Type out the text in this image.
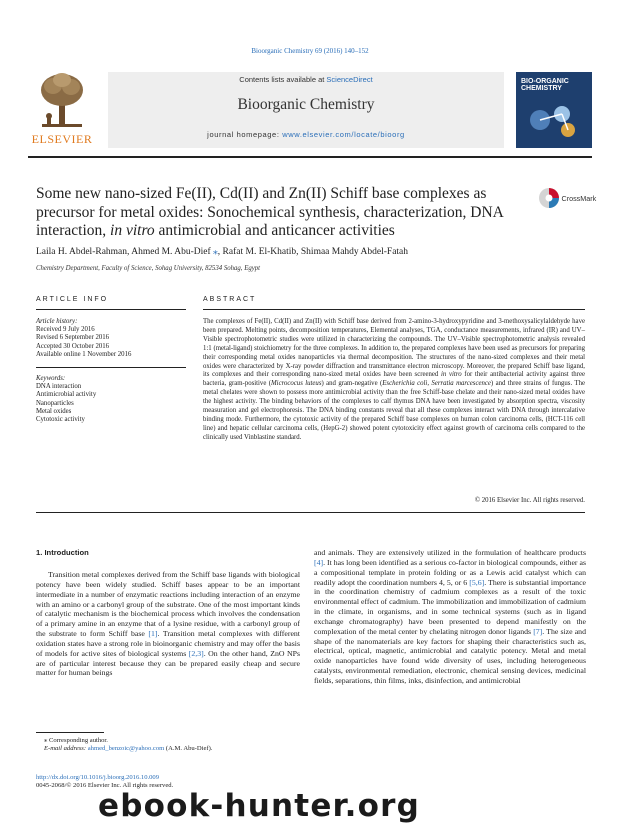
Bioorganic Chemistry 69 (2016) 140–152
ELSEVIER
Contents lists available at ScienceDirect
Bioorganic Chemistry
journal homepage: www.elsevier.com/locate/bioorg
BIO-ORGANIC CHEMISTRY
Some new nano-sized Fe(II), Cd(II) and Zn(II) Schiff base complexes as precursor for metal oxides: Sonochemical synthesis, characterization, DNA interaction, in vitro antimicrobial and anticancer activities
CrossMark
Laila H. Abdel-Rahman, Ahmed M. Abu-Dief ⁎, Rafat M. El-Khatib, Shimaa Mahdy Abdel-Fatah
Chemistry Department, Faculty of Science, Sohag University, 82534 Sohag, Egypt
ARTICLE INFO	ABSTRACT
Article history:
Received 9 July 2016
Revised 6 September 2016
Accepted 30 October 2016
Available online 1 November 2016
Keywords:
DNA interaction
Antimicrobial activity
Nanoparticles
Metal oxides
Cytotoxic activity
The complexes of Fe(II), Cd(II) and Zn(II) with Schiff base derived from 2-amino-3-hydroxypyridine and 3-methoxysalicylaldehyde have been prepared. Melting points, decomposition temperatures, Elemental analyses, TGA, conductance measurements, infrared (IR) and UV–Visible spectrophotometric studies were utilized in characterizing the compounds. The UV–Visible spectrophotometric analysis revealed 1:1 (metal-ligand) stoichiometry for the three complexes. In addition to, the prepared complexes have been used as precursors for preparing their corresponding metal oxides nanoparticles via thermal decomposition. The structures of the nano-sized complexes and their metal oxides were characterized by X-ray powder diffraction and transmittance electron microscopy. Moreover, the prepared Schiff base ligand, its complexes and their corresponding nano-sized metal oxides have been screened in vitro for their antibacterial activity against three bacteria, gram-positive (Micrococus luteus) and gram-negative (Escherichia coli, Serratia marcescence) and three strains of fungus. The metal chelates were shown to possess more antimicrobial activity than the free Schiff-base chelate and their nano-sized metal oxides have the highest activity. The binding behaviors of the complexes to calf thymus DNA have been investigated by absorption spectra, viscosity measuration and gel electrophoresis. The DNA binding constants reveal that all these complexes interact with DNA through intercalative binding mode. Furthermore, the cytotoxic activity of the prepared Schiff base complexes on human colon carcinoma cells, (HCT-116 cell line) and hepatic cellular carcinoma cells, (HepG-2) showed potent cytotoxicity effect against growth of carcinoma cells compared to the clinically used Vinblastine standard.
© 2016 Elsevier Inc. All rights reserved.
1. Introduction

Transition metal complexes derived from the Schiff base ligands with biological potency have been widely studied. Schiff bases appear to be an important intermediate in a number of enzymatic reactions including interaction of an enzyme with an amino or a carbonyl group of the substrate. One of the most important kinds of catalytic mechanism is the biochemical process which involves the condensation of a primary amine in an enzyme that of a lysine residue, with a carbonyl group of the substrate to form Schiff base [1]. Transition metal complexes with different oxidation states have a strong role in bioinorganic chemistry and may offer the basis of models for active sites of biological systems [2,3]. On the other hand, ZnO NPs are of particular interest because they can be prepared easily cheap and secure matter for human beings

and animals. They are extensively utilized in the formulation of healthcare products [4]. It has long been identified as a serious co-factor in biological compounds, either as a compositional template in protein folding or as a Lewis acid catalyst which can readily adopt the coordination numbers 4, 5, or 6 [5,6]. There is substantial importance in the coordination chemistry of cadmium complexes as a result of the toxic environmental effect of cadmium. The immobilization and immobilization of cadmium in the climate, in organisms, and in some technical systems (such as in ligand exchange chromatography) have been presented to depend manifestly on the complexation of the metal center by chelating nitrogen donor ligands [7]. The size and shape of the nanomaterials are key factors for shaping their characteristics such as, electrical, optical, magnetic, antimicrobial and catalytic potency. Metal and metal oxide nanoparticles have found wide diversity of uses, including heterogeneous catalysts, environmental remediation, electronic, chemical sensing devices, medicinal fields, separations, thin films, inks, disinfection, and antimicrobial

⁎ Corresponding author.
E-mail address: ahmed_benzoic@yahoo.com (A.M. Abu-Dief).
http://dx.doi.org/10.1016/j.bioorg.2016.10.009
0045-2068/© 2016 Elsevier Inc. All rights reserved.
ebook-hunter.org
